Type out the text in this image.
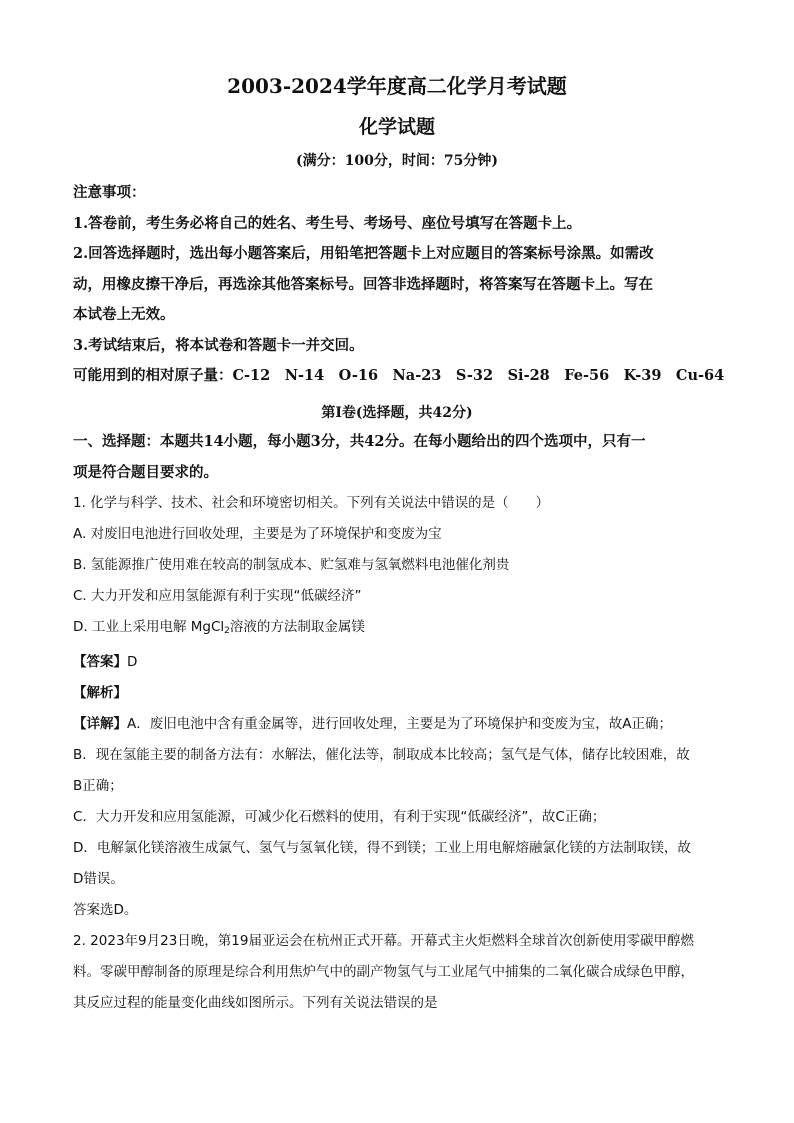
2003-2024学年度高二化学月考试题
化学试题
(满分：100分，时间：75分钟)
注意事项：
1.答卷前，考生务必将自己的姓名、考生号、考场号、座位号填写在答题卡上。
2.回答选择题时，选出每小题答案后，用铅笔把答题卡上对应题目的答案标号涂黑。如需改
动，用橡皮擦干净后，再选涂其他答案标号。回答非选择题时，将答案写在答题卡上。写在
本试卷上无效。
3.考试结束后，将本试卷和答题卡一并交回。
可能用到的相对原子量：C-12　N-14　O-16　Na-23　S-32　Si-28　Fe-56　K-39　Cu-64
第Ⅰ卷(选择题，共42分)
一、选择题：本题共14小题，每小题3分，共42分。在每小题给出的四个选项中，只有一
项是符合题目要求的。
1. 化学与科学、技术、社会和环境密切相关。下列有关说法中错误的是（　　）
A. 对废旧电池进行回收处理，主要是为了环境保护和变废为宝
B. 氢能源推广使用难在较高的制氢成本、贮氢难与氢氧燃料电池催化剂贵
C. 大力开发和应用氢能源有利于实现“低碳经济”
D. 工业上采用电解 MgCl$_2$溶液的方法制取金属镁
【答案】D
【解析】
【详解】A．废旧电池中含有重金属等，进行回收处理，主要是为了环境保护和变废为宝，故A正确；
B．现在氢能主要的制备方法有：水解法，催化法等，制取成本比较高；氢气是气体，储存比较困难，故
B正确；
C．大力开发和应用氢能源，可减少化石燃料的使用，有利于实现“低碳经济”，故C正确；
D．电解氯化镁溶液生成氯气、氢气与氢氧化镁，得不到镁；工业上用电解熔融氯化镁的方法制取镁，故
D错误。
答案选D。
2. 2023年9月23日晚，第19届亚运会在杭州正式开幕。开幕式主火炬燃料全球首次创新使用零碳甲醇燃
料。零碳甲醇制备的原理是综合利用焦炉气中的副产物氢气与工业尾气中捕集的二氧化碳合成绿色甲醇，
其反应过程的能量变化曲线如图所示。下列有关说法错误的是
